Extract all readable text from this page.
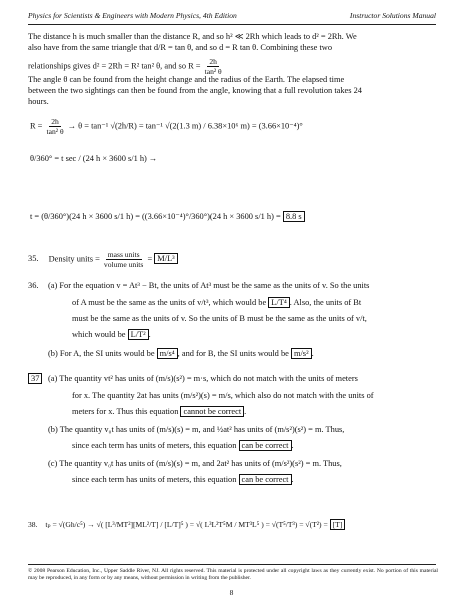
Physics for Scientists & Engineers with Modern Physics, 4th Edition	Instructor Solutions Manual
The distance h is much smaller than the distance R, and so h² ≪ 2Rh which leads to d² = 2Rh. We
also have from the same triangle that d/R = tan θ, and so d = R tan θ. Combining these two
relationships gives d² = 2Rh = R² tan² θ, and so $R = \frac{2h}{\text{tan² θ}}$
The angle θ can be found from the height change and the radius of the Earth. The elapsed time
between the two sightings can then be found from the angle, knowing that a full revolution takes 24
hours.
$R = \frac{2h}{\text{tan² θ}} \to \theta = \tan^{-1}$ √(2h/R) = tan⁻¹ √(2(1.3 m) / 6.38×10⁶ m) = (3.66×10⁻⁴)°
θ/360° = t sec / (24 h × 3600 s/1 h) →
t = (θ/360°)(24 h × 3600 s/1 h) = ((3.66×10⁻⁴)°/360°)(24 h × 3600 s/1 h) = 8.8 s
35. Density units = $\frac{\text{mass units}}{\text{volume units}} = M/L^3$
36. (a) For the equation v = At³ − Bt, the units of At³ must be the same as the units of v. So the units
of A must be the same as the units of v/t³, which would be L/T⁴ . Also, the units of Bt
must be the same as the units of v. So the units of B must be the same as the units of v/t,
which would be L/T² .
(b) For A, the SI units would be m/s⁴ , and for B, the SI units would be m/s² .
37	(a) The quantity vt² has units of (m/s)(s²) = m·s, which do not match with the units of meters
for x. The quantity 2at has units (m/s²)(s) = m/s, which also do not match with the units of
meters for x. Thus this equation cannot be correct .
(b) The quantity v₀t has units of (m/s)(s) = m, and ½at² has units of (m/s²)(s²) = m. Thus,
since each term has units of meters, this equation can be correct .
(c) The quantity v₀t has units of (m/s)(s) = m, and 2at² has units of (m/s²)(s²) = m. Thus,
since each term has units of meters, this equation can be correct .
38. tₚ = √(Gh/c⁵) → √( [L³/MT²][ML²/T] / [L/T]⁵ ) = √( L³L²T⁵M / MT³L⁵ ) = √(T⁵/T³) = √(T²) = [T]
© 2008 Pearson Education, Inc., Upper Saddle River, NJ. All rights reserved. This material is protected under all copyright laws as they currently exist. No portion of this material may be reproduced, in any form or by any means, without permission in writing from the publisher.
8
